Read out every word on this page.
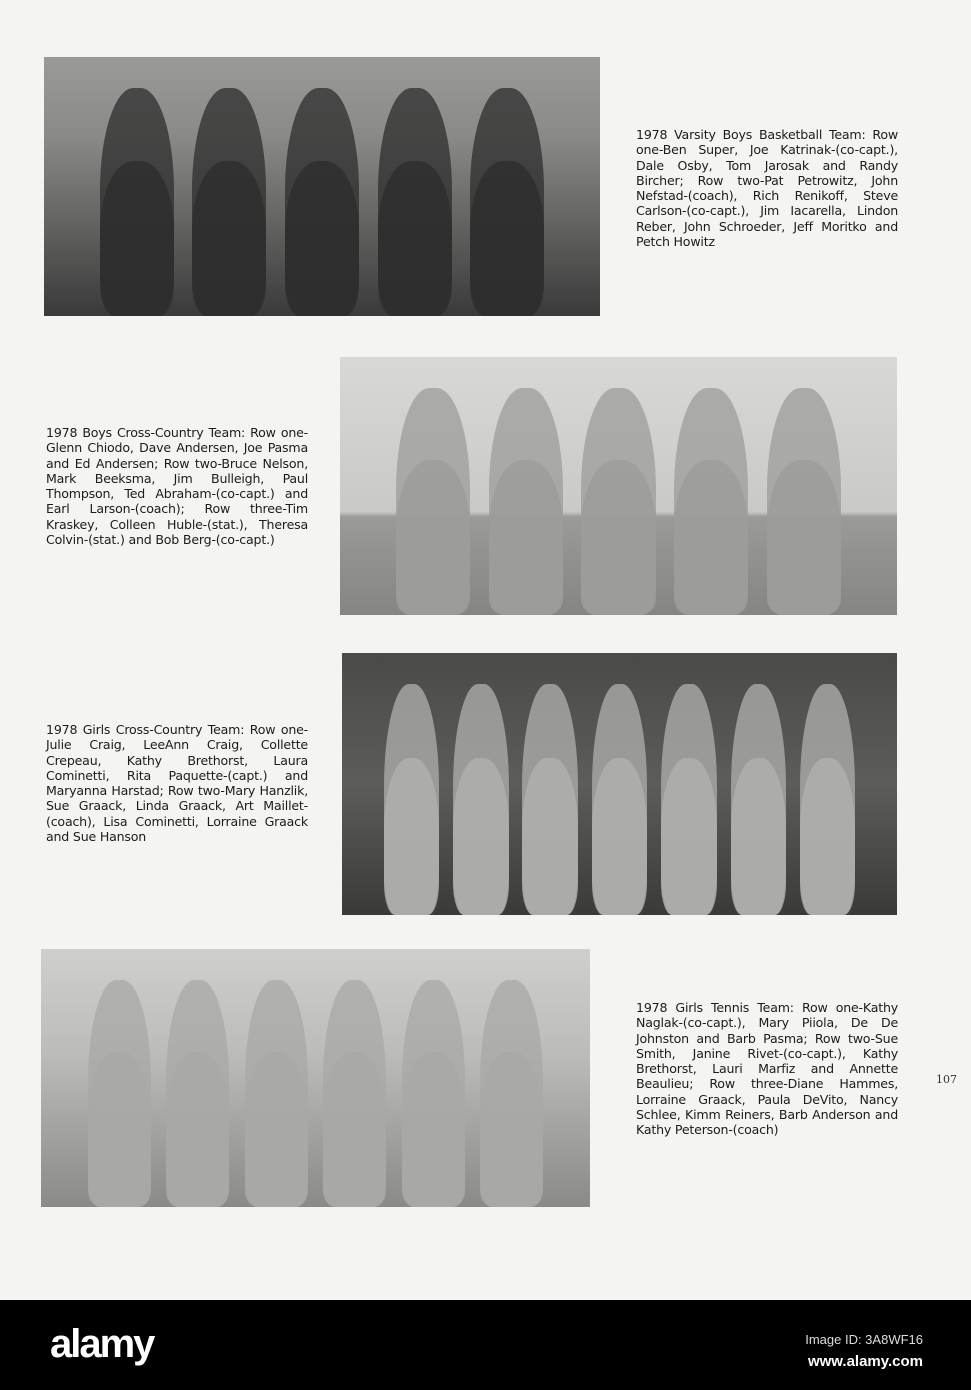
1978 Varsity Boys Basketball Team: Row one-Ben Super, Joe Katrinak-(co-capt.), Dale Osby, Tom Jarosak and Randy Bircher; Row two-Pat Petrowitz, John Nefstad-(coach), Rich Renikoff, Steve Carlson-(co-capt.), Jim Iacarella, Lindon Reber, John Schroeder, Jeff Moritko and Petch Howitz
1978 Boys Cross-Country Team: Row one-Glenn Chiodo, Dave Andersen, Joe Pasma and Ed Andersen; Row two-Bruce Nelson, Mark Beeksma, Jim Bulleigh, Paul Thompson, Ted Abraham-(co-capt.) and Earl Larson-(coach); Row three-Tim Kraskey, Colleen Huble-(stat.), Theresa Colvin-(stat.) and Bob Berg-(co-capt.)
1978 Girls Cross-Country Team: Row one-Julie Craig, LeeAnn Craig, Collette Crepeau, Kathy Brethorst, Laura Cominetti, Rita Paquette-(capt.) and Maryanna Harstad; Row two-Mary Hanzlik, Sue Graack, Linda Graack, Art Maillet-(coach), Lisa Cominetti, Lorraine Graack and Sue Hanson
1978 Girls Tennis Team: Row one-Kathy Naglak-(co-capt.), Mary Piiola, De De Johnston and Barb Pasma; Row two-Sue Smith, Janine Rivet-(co-capt.), Kathy Brethorst, Lauri Marfiz and Annette Beaulieu; Row three-Diane Hammes, Lorraine Graack, Paula DeVito, Nancy Schlee, Kimm Reiners, Barb Anderson and Kathy Peterson-(coach)
107
alamy	Image ID: 3A8WF16
www.alamy.com
